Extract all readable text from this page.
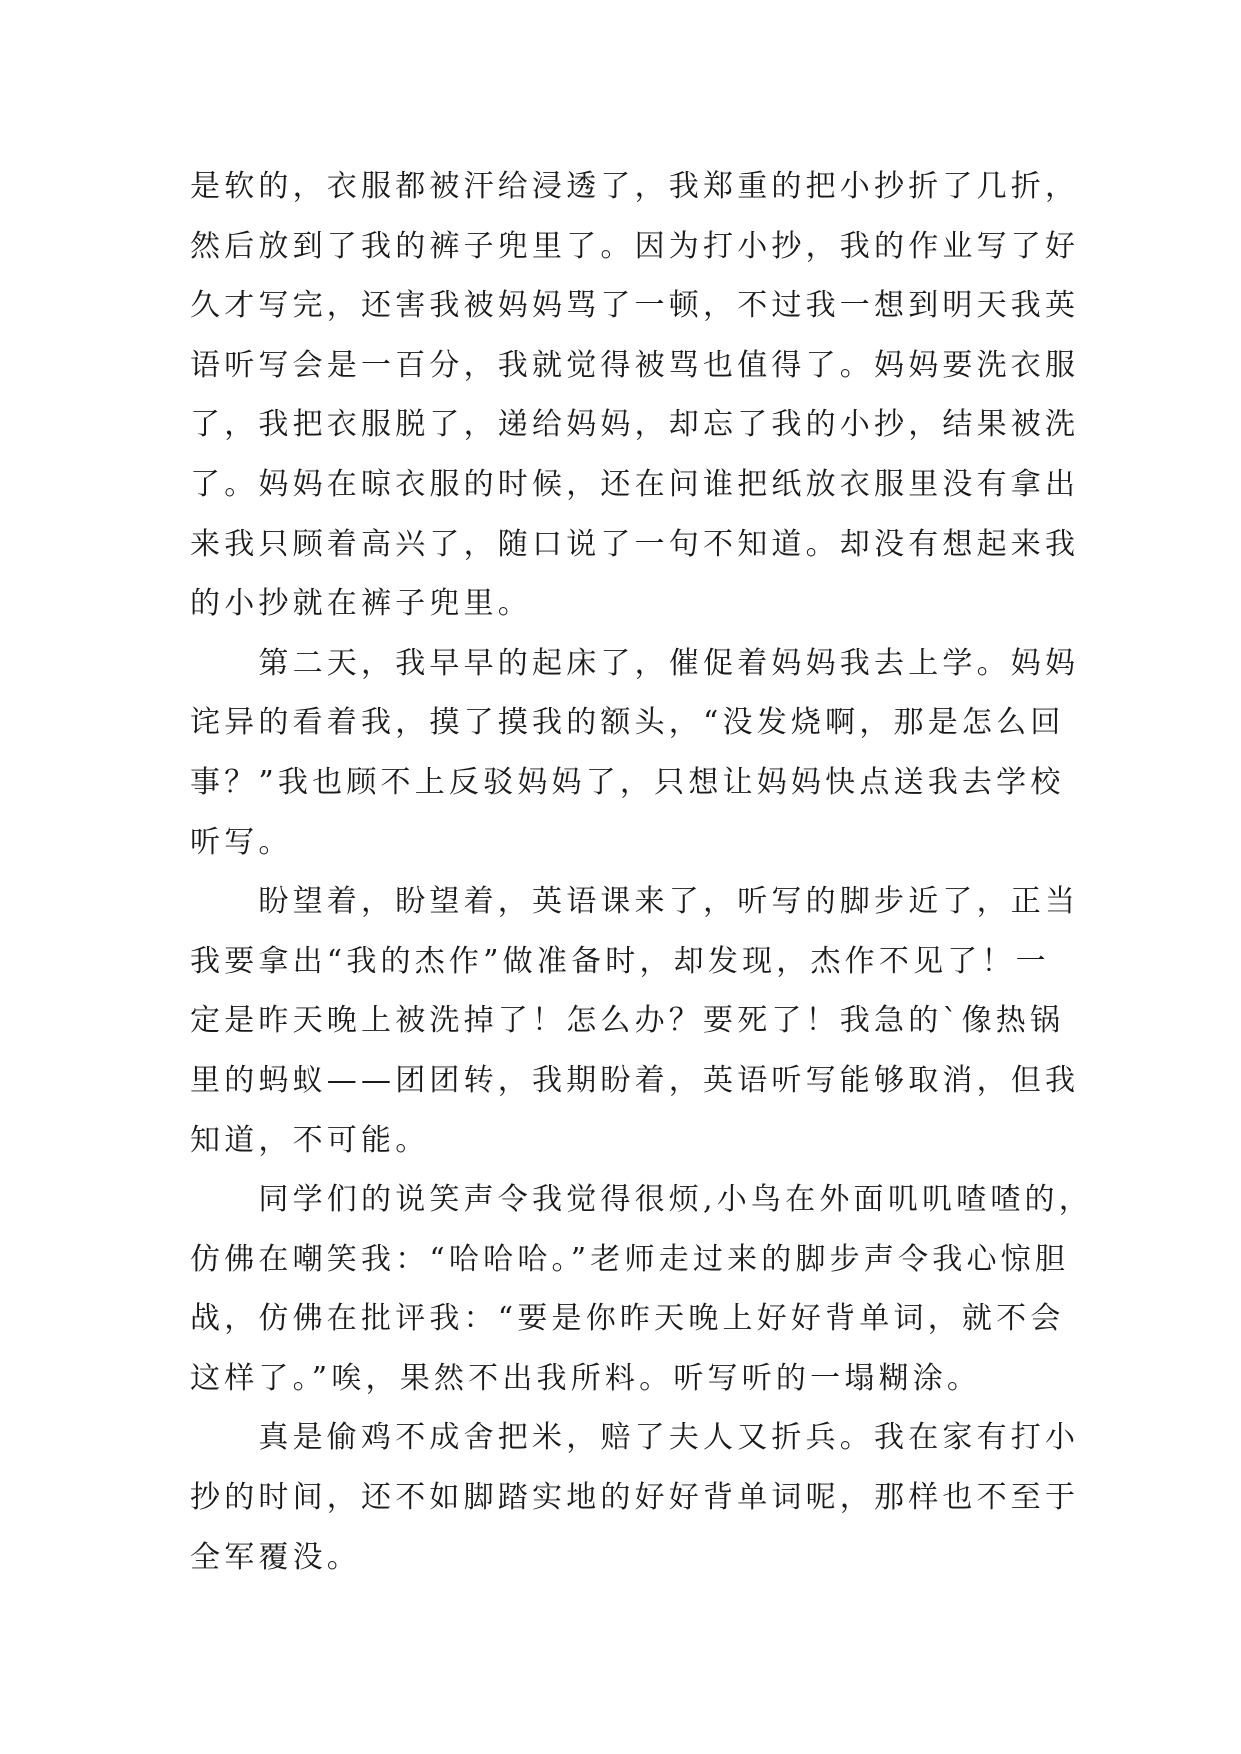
是软的，衣服都被汗给浸透了，我郑重的把小抄折了几折，
然后放到了我的裤子兜里了。因为打小抄，我的作业写了好
久才写完，还害我被妈妈骂了一顿，不过我一想到明天我英
语听写会是一百分，我就觉得被骂也值得了。妈妈要洗衣服
了，我把衣服脱了，递给妈妈，却忘了我的小抄，结果被洗
了。妈妈在晾衣服的时候，还在问谁把纸放衣服里没有拿出
来我只顾着高兴了，随口说了一句不知道。却没有想起来我
的小抄就在裤子兜里。
　　第二天，我早早的起床了，催促着妈妈我去上学。妈妈
诧异的看着我，摸了摸我的额头，“没发烧啊，那是怎么回
事？”我也顾不上反驳妈妈了，只想让妈妈快点送我去学校
听写。
　　盼望着，盼望着，英语课来了，听写的脚步近了，正当
我要拿出“我的杰作”做准备时，却发现，杰作不见了！一
定是昨天晚上被洗掉了！怎么办？要死了！我急的`像热锅
里的蚂蚁——团团转，我期盼着，英语听写能够取消，但我
知道，不可能。
　　同学们的说笑声令我觉得很烦,小鸟在外面叽叽喳喳的，
仿佛在嘲笑我：“哈哈哈。”老师走过来的脚步声令我心惊胆
战，仿佛在批评我：“要是你昨天晚上好好背单词，就不会
这样了。”唉，果然不出我所料。听写听的一塌糊涂。
　　真是偷鸡不成舍把米，赔了夫人又折兵。我在家有打小
抄的时间，还不如脚踏实地的好好背单词呢，那样也不至于
全军覆没。
